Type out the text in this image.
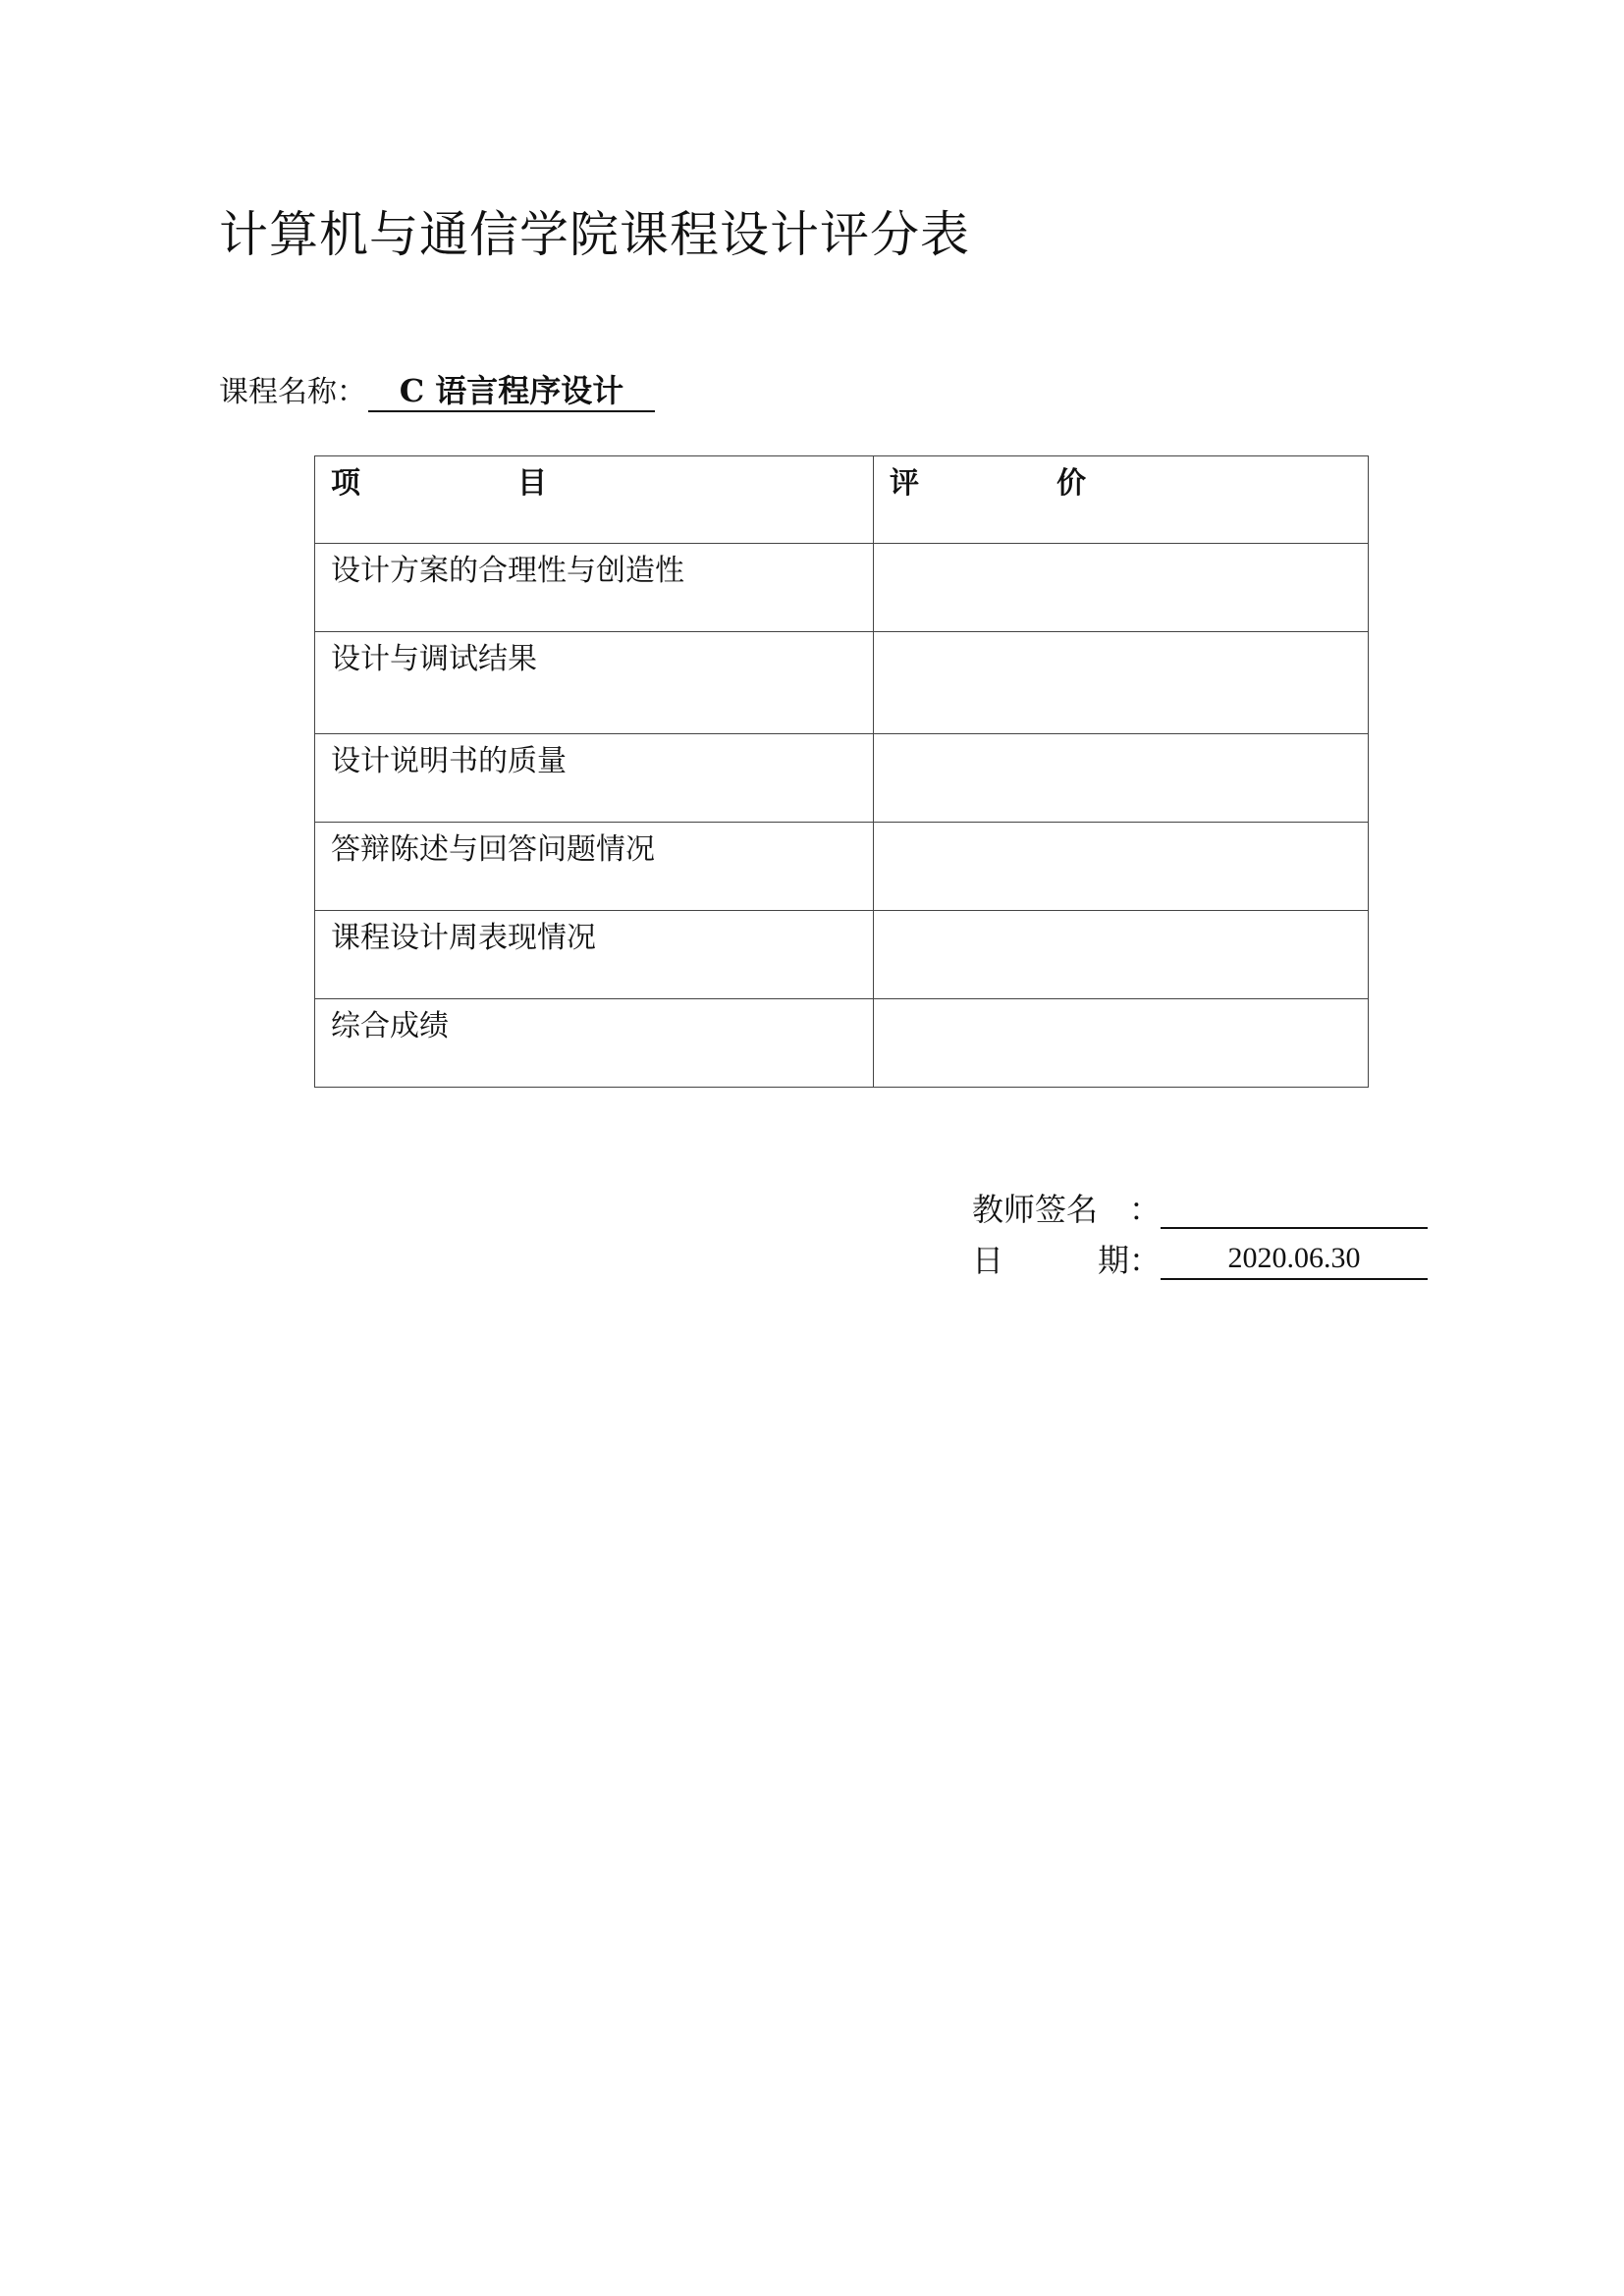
计算机与通信学院课程设计评分表
课程名称：	C 语言程序设计
项 目	评 价

设计方案的合理性与创造性	
设计与调试结果	
设计说明书的质量	
答辩陈述与回答问题情况	
课程设计周表现情况	
综合成绩	
教师签名 ：
日	期 ：	2020.06.30
